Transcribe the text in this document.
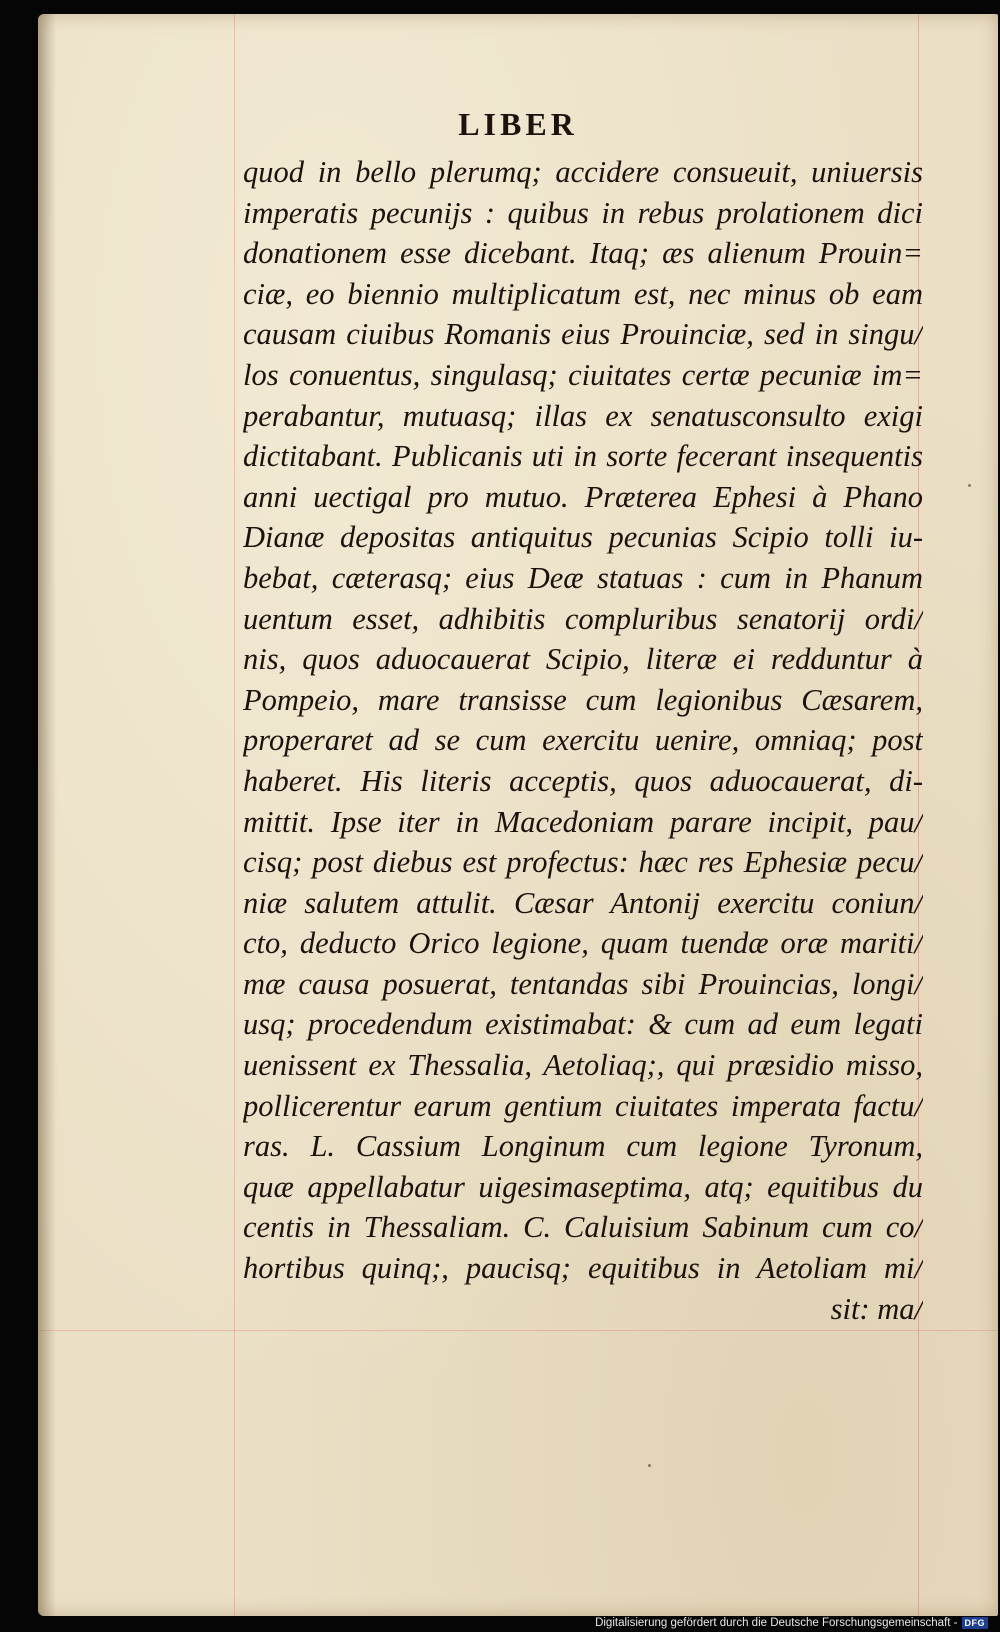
LIBER
quod in bello plerumq; accidere consueuit, uniuersis
imperatis pecunijs : quibus in rebus prolationem dici
donationem esse dicebant. Itaq; æs alienum Prouin=
ciæ, eo biennio multiplicatum est, nec minus ob eam
causam ciuibus Romanis eius Prouinciæ, sed in singu/
los conuentus, singulasq; ciuitates certæ pecuniæ im=
perabantur, mutuasq; illas ex senatusconsulto exigi
dictitabant. Publicanis uti in sorte fecerant insequentis
anni uectigal pro mutuo. Præterea Ephesi à Phano
Dianæ depositas antiquitus pecunias Scipio tolli iu-
bebat, cæterasq; eius Deæ statuas : cum in Phanum
uentum esset, adhibitis compluribus senatorij ordi/
nis, quos aduocauerat Scipio, literæ ei redduntur à
Pompeio, mare transisse cum legionibus Cæsarem,
properaret ad se cum exercitu uenire, omniaq; post
haberet. His literis acceptis, quos aduocauerat, di-
mittit. Ipse iter in Macedoniam parare incipit, pau/
cisq; post diebus est profectus: hæc res Ephesiæ pecu/
niæ salutem attulit. Cæsar Antonij exercitu coniun/
cto, deducto Orico legione, quam tuendæ oræ mariti/
mæ causa posuerat, tentandas sibi Prouincias, longi/
usq; procedendum existimabat: & cum ad eum legati
uenissent ex Thessalia, Aetoliaq;, qui præsidio misso,
pollicerentur earum gentium ciuitates imperata factu/
ras. L. Cassium Longinum cum legione Tyronum,
quæ appellabatur uigesimaseptima, atq; equitibus du
centis in Thessaliam. C. Caluisium Sabinum cum co/
hortibus quinq;, paucisq; equitibus in Aetoliam mi/
sit: ma/
Digitalisierung gefördert durch die Deutsche Forschungsgemeinschaft - DFG
